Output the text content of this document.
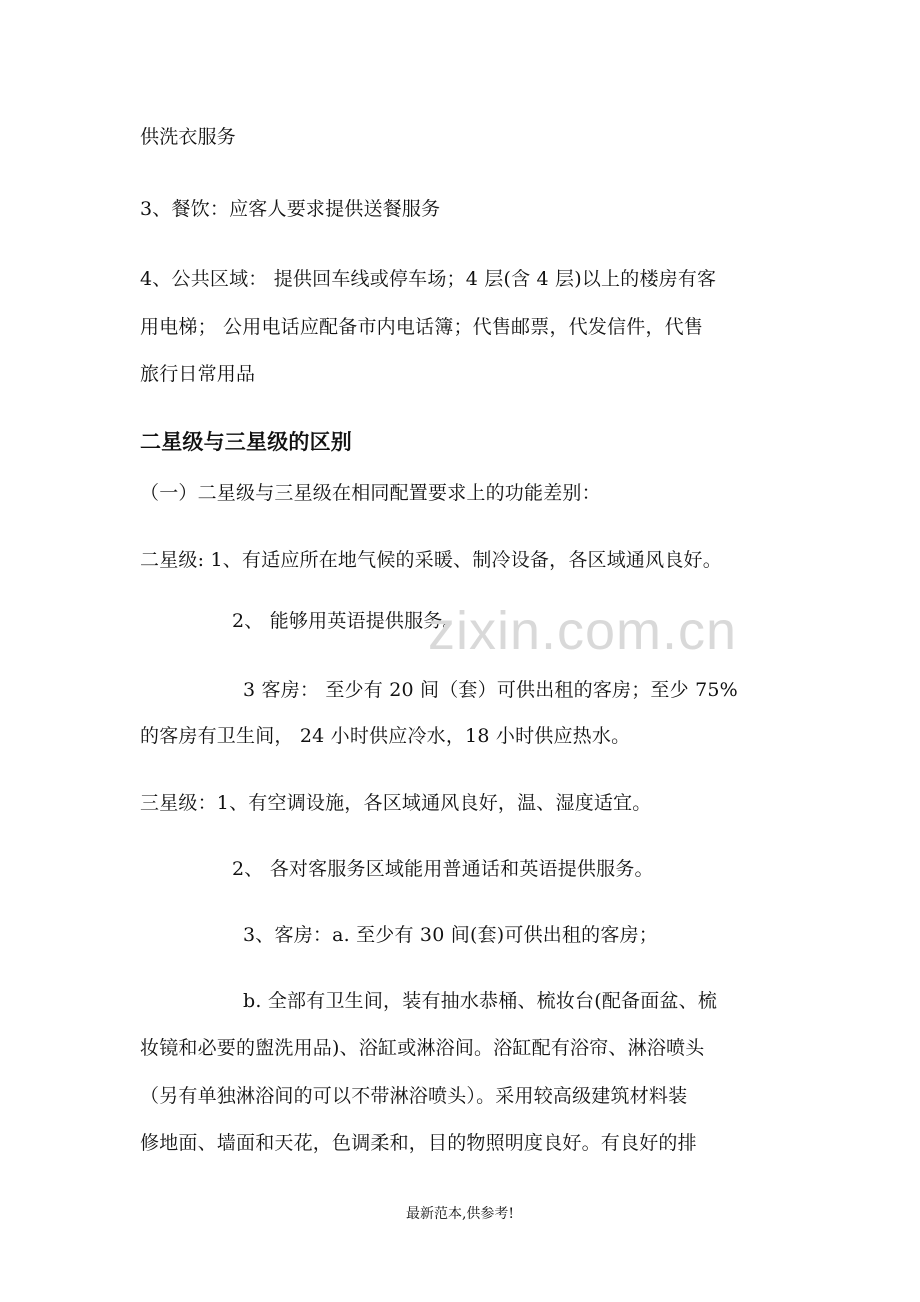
供洗衣服务
3、餐饮：应客人要求提供送餐服务
4、公共区域： 提供回车线或停车场；4 层(含 4 层)以上的楼房有客
用电梯； 公用电话应配备市内电话簿；代售邮票，代发信件，代售
旅行日常用品
二星级与三星级的区别
（一）二星级与三星级在相同配置要求上的功能差别：
二星级: 1、有适应所在地气候的采暖、制冷设备，各区域通风良好。
2、 能够用英语提供服务。
3 客房： 至少有 20 间（套）可供出租的客房；至少 75%
的客房有卫生间， 24 小时供应冷水，18 小时供应热水。
三星级：1、有空调设施，各区域通风良好，温、湿度适宜。
2、 各对客服务区域能用普通话和英语提供服务。
3、客房：a. 至少有 30 间(套)可供出租的客房；
b. 全部有卫生间，装有抽水恭桶、梳妆台(配备面盆、梳
妆镜和必要的盥洗用品)、浴缸或淋浴间。浴缸配有浴帘、淋浴喷头
（另有单独淋浴间的可以不带淋浴喷头）。采用较高级建筑材料装
修地面、墙面和天花，色调柔和，目的物照明度良好。有良好的排
zixin.com.cn
最新范本,供参考!
